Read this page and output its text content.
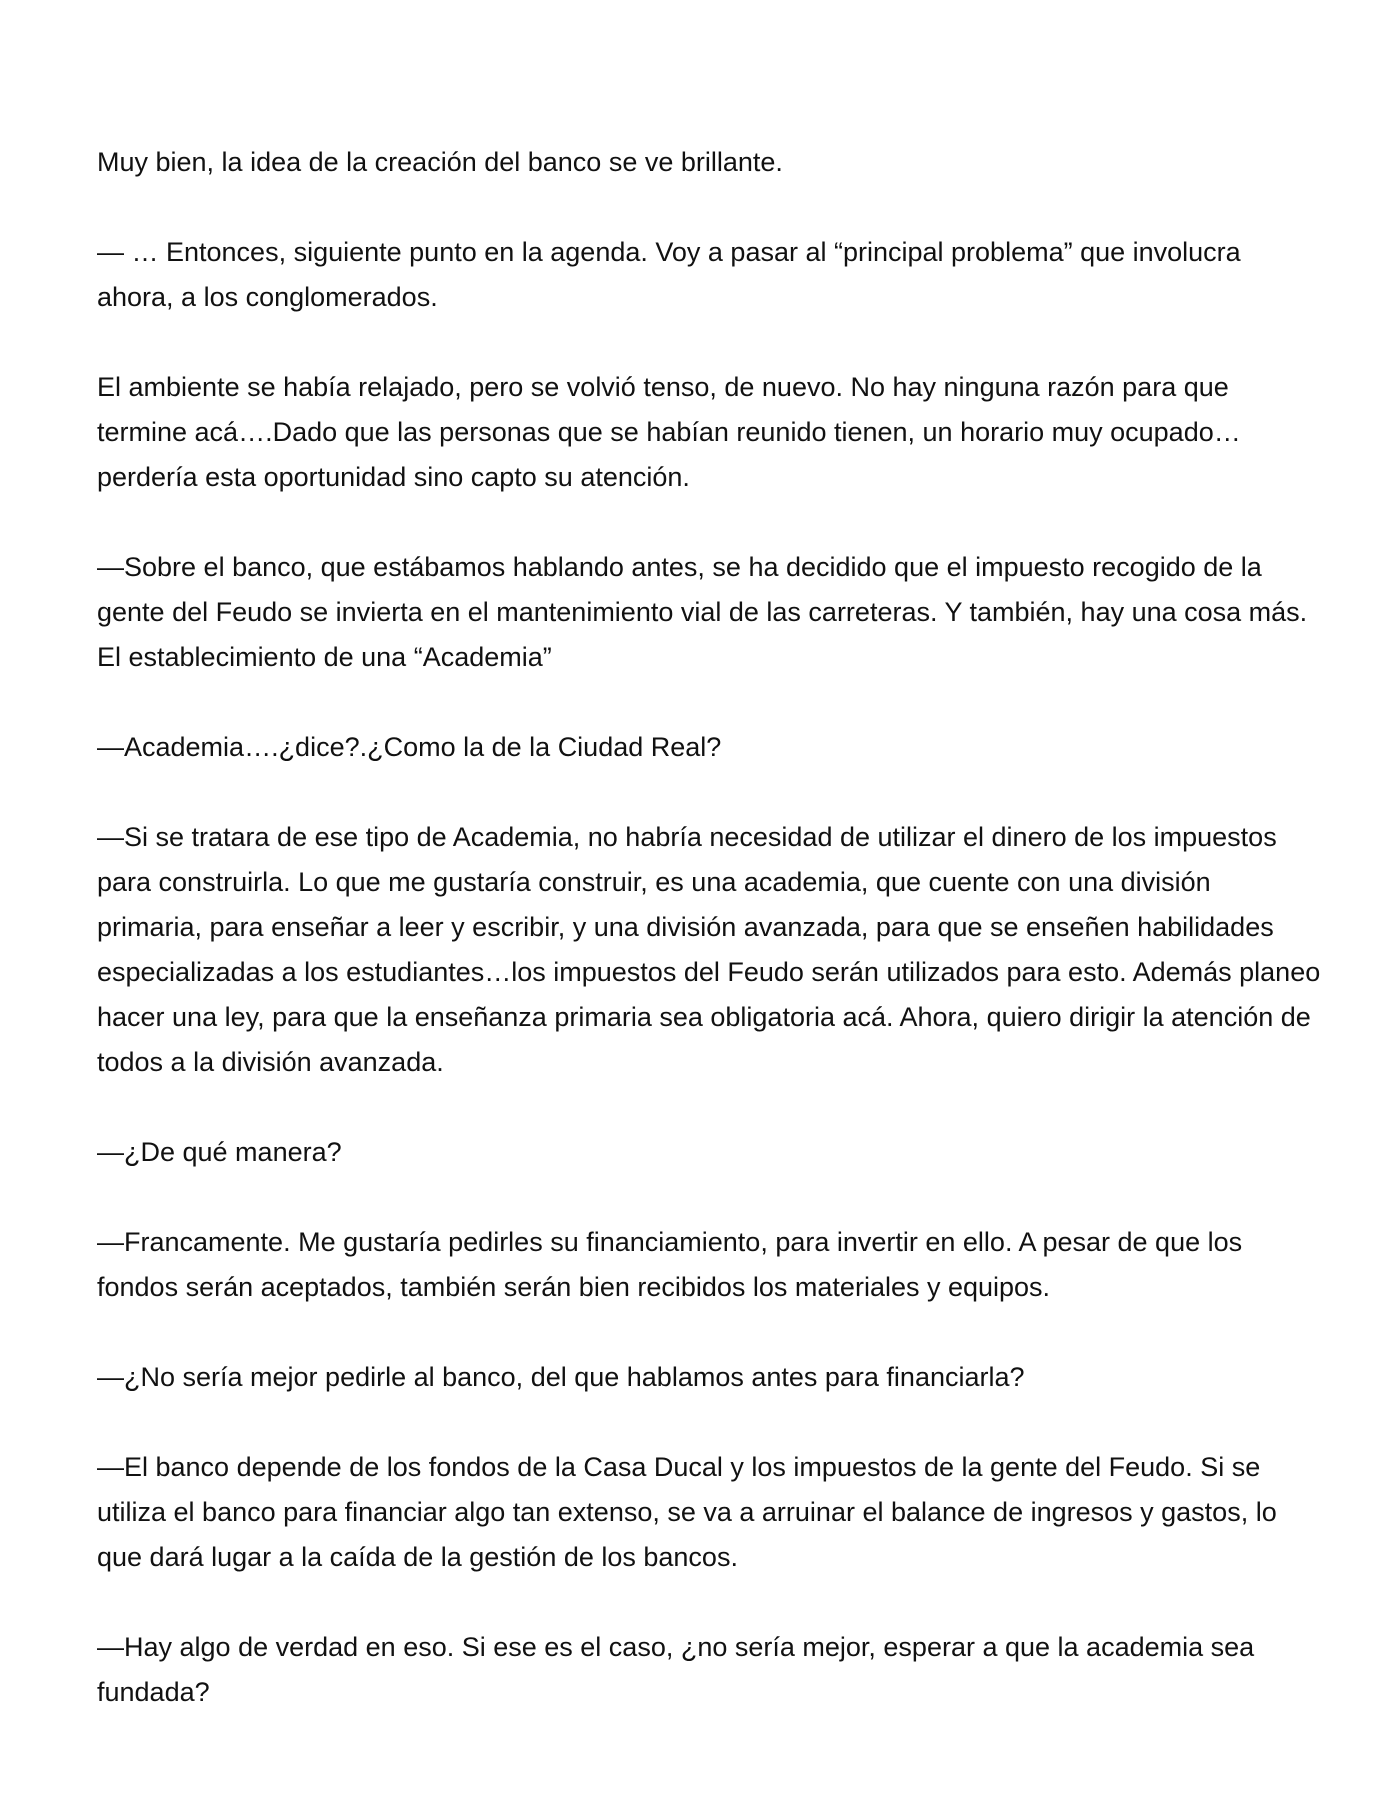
Muy bien, la idea de la creación del banco se ve brillante.

— … Entonces, siguiente punto en la agenda. Voy a pasar al “principal problema” que involucra ahora, a los conglomerados.

El ambiente se había relajado, pero se volvió tenso, de nuevo. No hay ninguna razón para que termine acá….Dado que las personas que se habían reunido tienen, un horario muy ocupado…perdería esta oportunidad sino capto su atención.

—Sobre el banco, que estábamos hablando antes, se ha decidido que el impuesto recogido de la gente del Feudo se invierta en el mantenimiento vial de las carreteras. Y también, hay una cosa más. El establecimiento de una “Academia”

—Academia….¿dice?.¿Como la de la Ciudad Real?

—Si se tratara de ese tipo de Academia, no habría necesidad de utilizar el dinero de los impuestos para construirla. Lo que me gustaría construir, es una academia, que cuente con una división primaria, para enseñar a leer y escribir, y una división avanzada, para que se enseñen habilidades especializadas a los estudiantes…los impuestos del Feudo serán utilizados para esto. Además planeo hacer una ley, para que la enseñanza primaria sea obligatoria acá. Ahora, quiero dirigir la atención de todos a la división avanzada.

—¿De qué manera?

—Francamente. Me gustaría pedirles su financiamiento, para invertir en ello. A pesar de que los fondos serán aceptados, también serán bien recibidos los materiales y equipos.

—¿No sería mejor pedirle al banco, del que hablamos antes para financiarla?

—El banco depende de los fondos de la Casa Ducal y los impuestos de la gente del Feudo. Si se utiliza el banco para financiar algo tan extenso, se va a arruinar el balance de ingresos y gastos, lo que dará lugar a la caída de la gestión de los bancos.

—Hay algo de verdad en eso. Si ese es el caso, ¿no sería mejor, esperar a que la academia sea fundada?
